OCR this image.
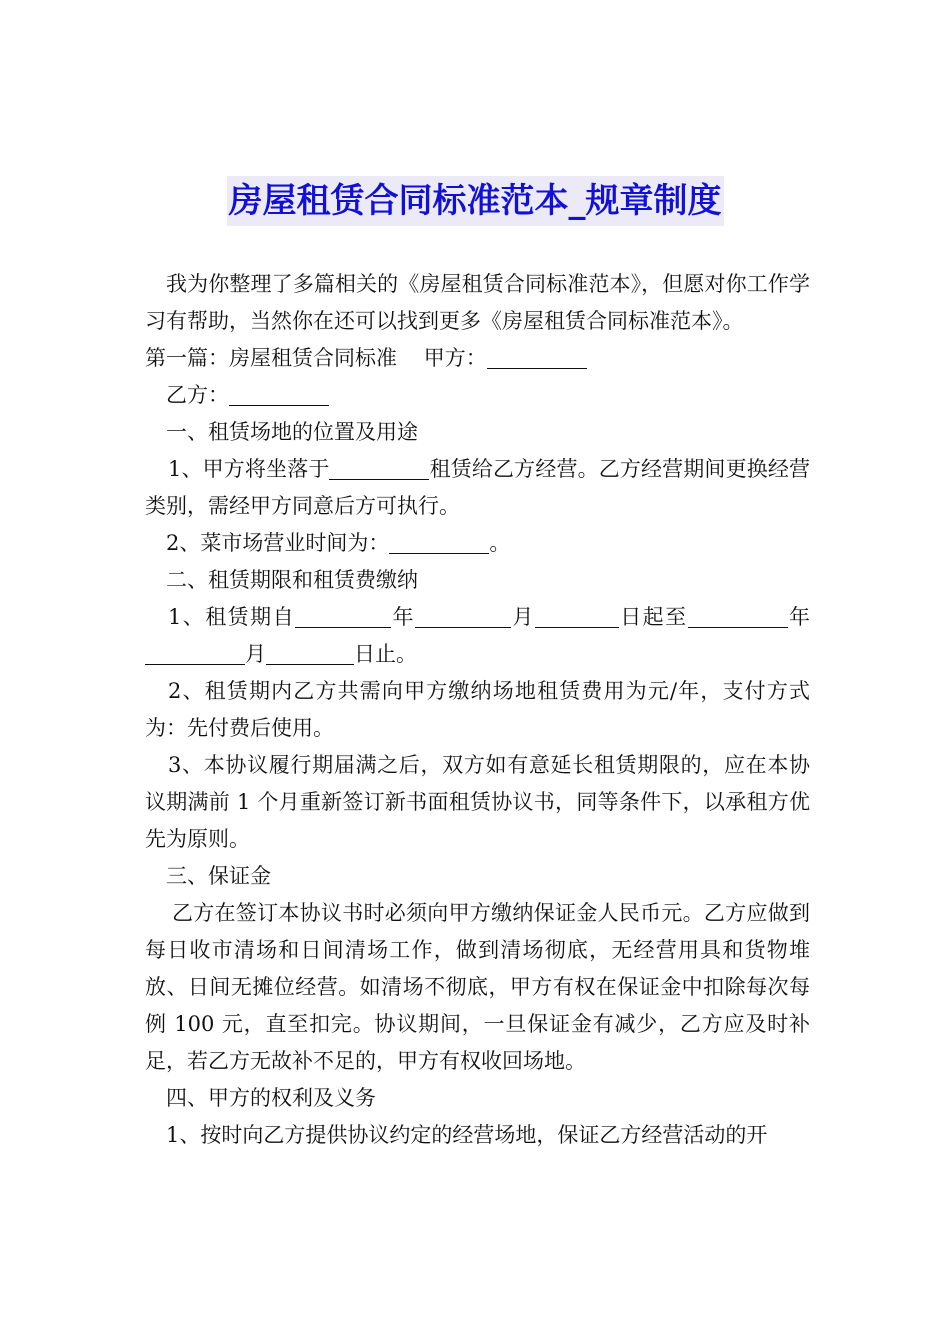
房屋租赁合同标准范本_规章制度

我为你整理了多篇相关的《房屋租赁合同标准范本》，但愿对你工作学习有帮助，当然你在还可以找到更多《房屋租赁合同标准范本》。

第一篇：房屋租赁合同标准 甲方：

乙方：

一、租赁场地的位置及用途

1、甲方将坐落于	租赁给乙方经营。乙方经营期间更换经营类别，需经甲方同意后方可执行。

2、菜市场营业时间为：	。

二、租赁期限和租赁费缴纳

1、租赁期自	年	月	日起至	年月	日止。

2、租赁期内乙方共需向甲方缴纳场地租赁费用为元/年，支付方式为：先付费后使用。

3、本协议履行期届满之后，双方如有意延长租赁期限的，应在本协议期满前 1 个月重新签订新书面租赁协议书，同等条件下，以承租方优先为原则。

三、保证金

乙方在签订本协议书时必须向甲方缴纳保证金人民币元。乙方应做到每日收市清场和日间清场工作，做到清场彻底，无经营用具和货物堆放、日间无摊位经营。如清场不彻底，甲方有权在保证金中扣除每次每例 100 元，直至扣完。协议期间，一旦保证金有减少，乙方应及时补足，若乙方无故补不足的，甲方有权收回场地。

四、甲方的权利及义务

1、按时向乙方提供协议约定的经营场地，保证乙方经营活动的开
